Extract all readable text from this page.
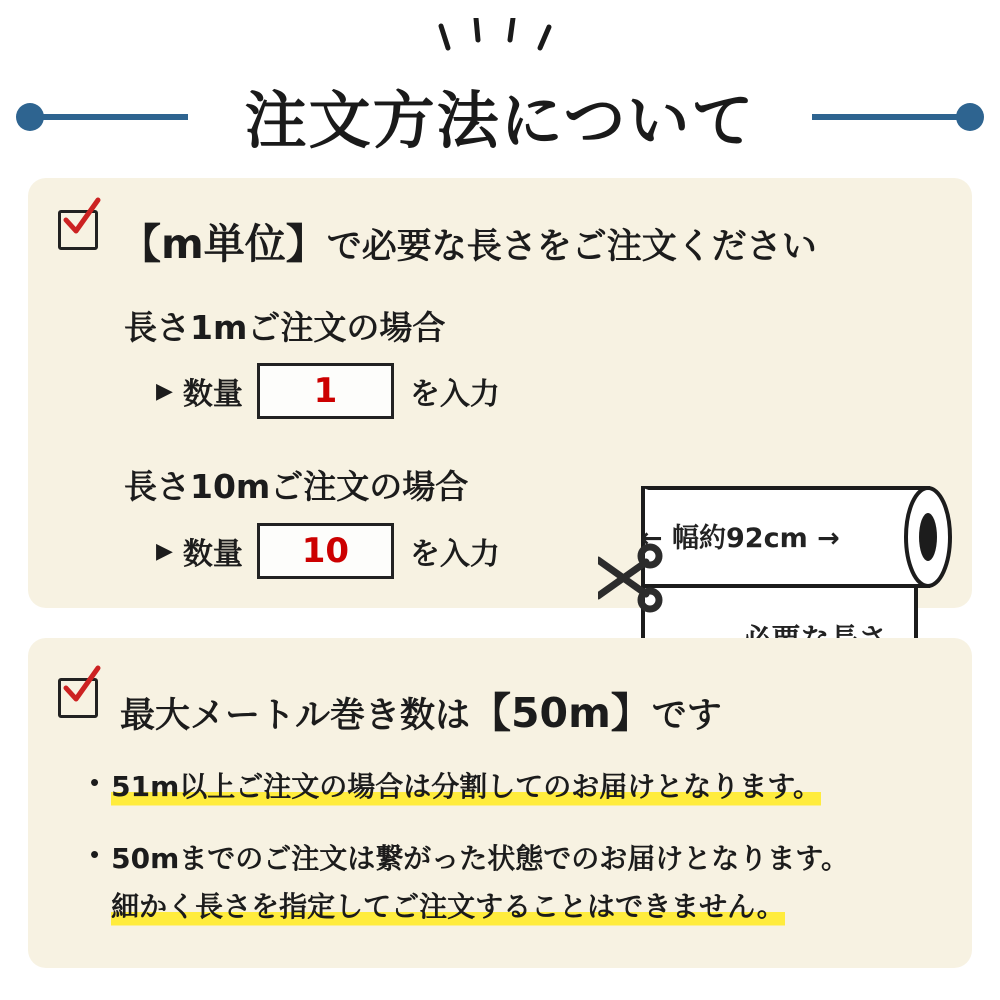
注文方法について
【m単位】で必要な長さをご注文ください
長さ1mご注文の場合
▶ 数量	1	を入力
長さ10mご注文の場合
▶ 数量	10	を入力	← 幅約92cm →
最大メートル巻き数は【50m】です
• 51m以上ご注文の場合は分割してのお届けとなります。
• 50mまでのご注文は繋がった状態でのお届けとなります。
細かく長さを指定してご注文することはできません。
